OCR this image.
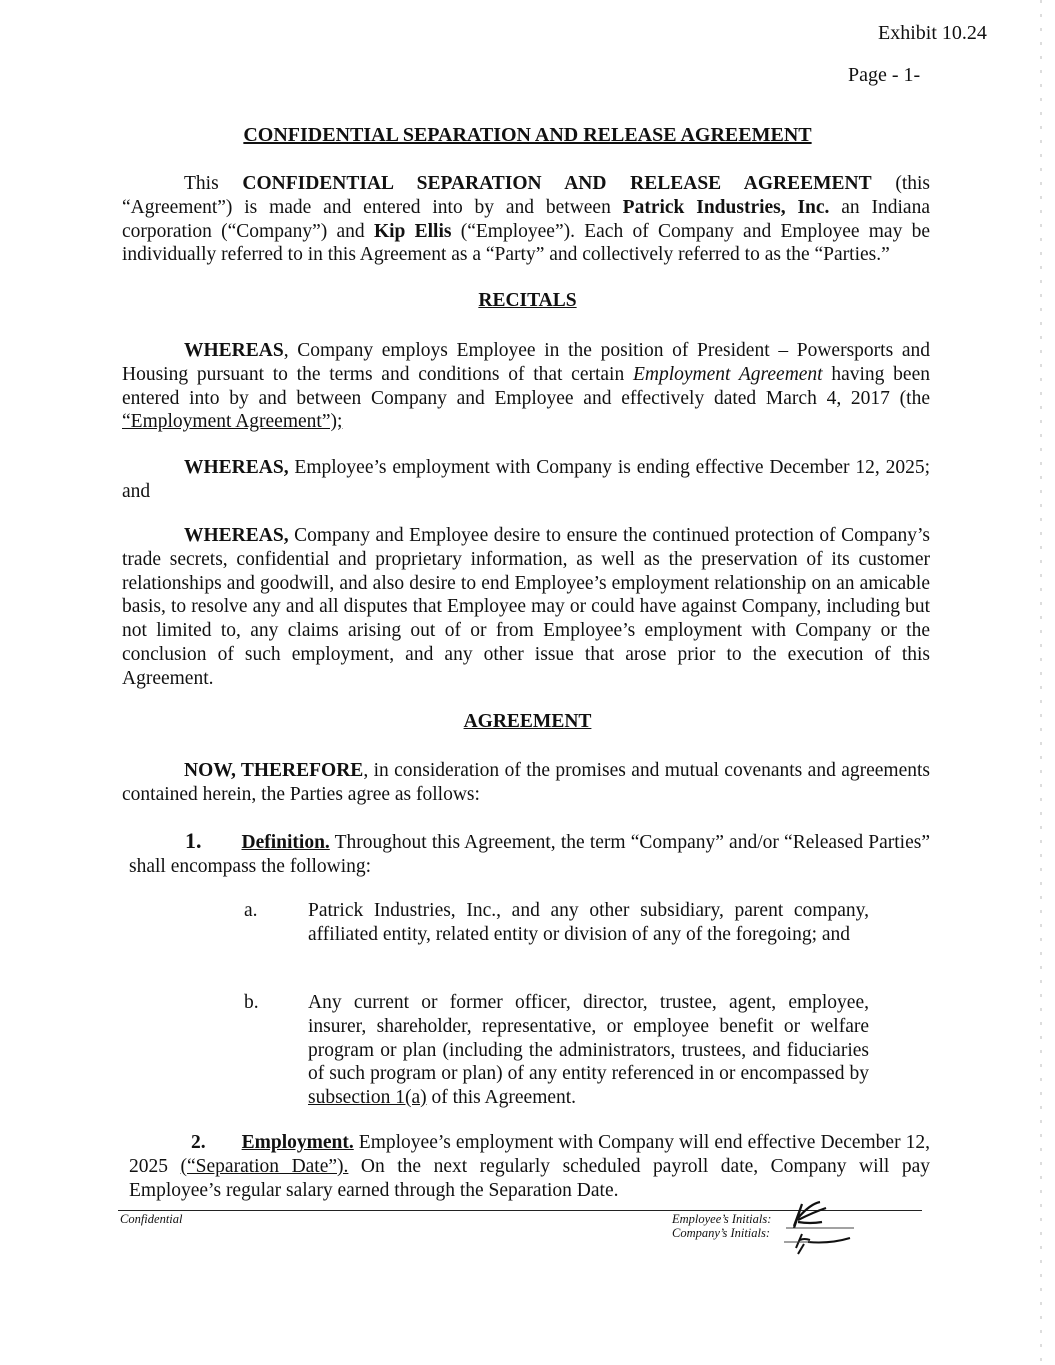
Exhibit 10.24
Page - 1-
CONFIDENTIAL SEPARATION AND RELEASE AGREEMENT
This CONFIDENTIAL SEPARATION AND RELEASE AGREEMENT (this “Agreement”) is made and entered into by and between Patrick Industries, Inc. an Indiana corporation (“Company”) and Kip Ellis (“Employee”). Each of Company and Employee may be individually referred to in this Agreement as a “Party” and collectively referred to as the “Parties.”
RECITALS
WHEREAS, Company employs Employee in the position of President – Powersports and Housing pursuant to the terms and conditions of that certain Employment Agreement having been entered into by and between Company and Employee and effectively dated March 4, 2017 (the “Employment Agreement”);
WHEREAS, Employee’s employment with Company is ending effective December 12, 2025; and
WHEREAS, Company and Employee desire to ensure the continued protection of Company’s trade secrets, confidential and proprietary information, as well as the preservation of its customer relationships and goodwill, and also desire to end Employee’s employment relationship on an amicable basis, to resolve any and all disputes that Employee may or could have against Company, including but not limited to, any claims arising out of or from Employee’s employment with Company or the conclusion of such employment, and any other issue that arose prior to the execution of this Agreement.
AGREEMENT
NOW, THEREFORE, in consideration of the promises and mutual covenants and agreements contained herein, the Parties agree as follows:
1. Definition. Throughout this Agreement, the term “Company” and/or “Released Parties” shall encompass the following:
a.	Patrick Industries, Inc., and any other subsidiary, parent company, affiliated entity, related entity or division of any of the foregoing; and
b.	Any current or former officer, director, trustee, agent, employee, insurer, shareholder, representative, or employee benefit or welfare program or plan (including the administrators, trustees, and fiduciaries of such program or plan) of any entity referenced in or encompassed by subsection 1(a) of this Agreement.
2. Employment. Employee’s employment with Company will end effective December 12, 2025 (“Separation Date”). On the next regularly scheduled payroll date, Company will pay Employee’s regular salary earned through the Separation Date.
Confidential	Employee’s Initials:
Company’s Initials:
